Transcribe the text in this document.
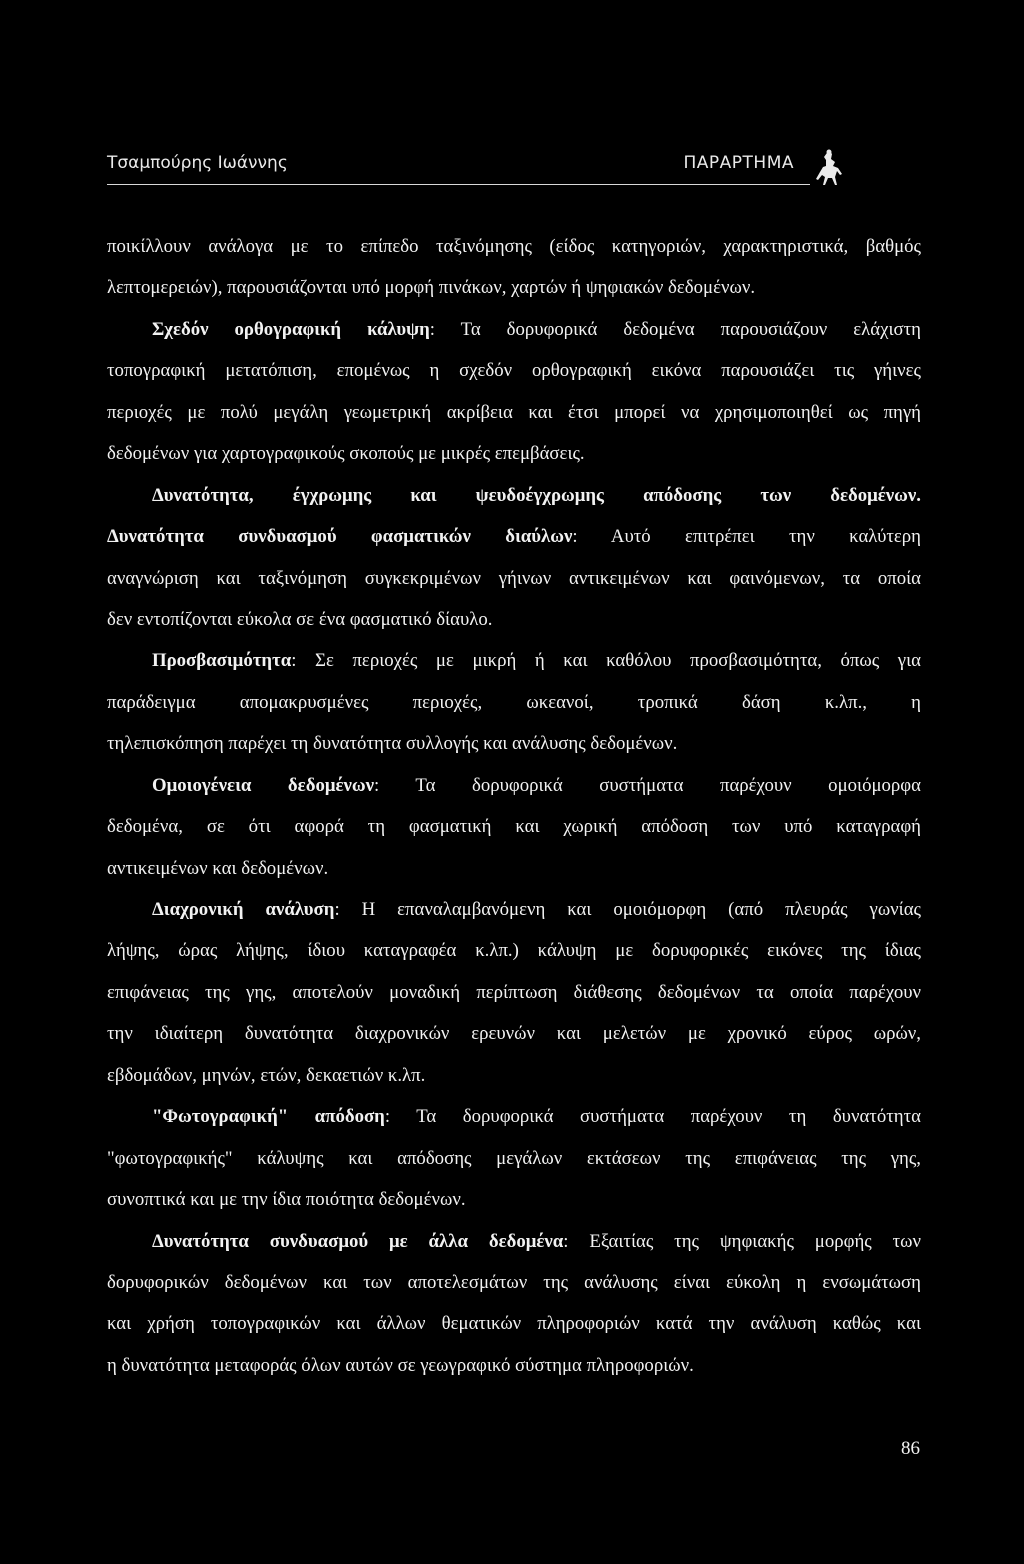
Τσαμπούρης Ιωάννης	ΠΑΡΑΡΤΗΜΑ
ποικίλλουν ανάλογα με το επίπεδο ταξινόμησης (είδος κατηγοριών, χαρακτηριστικά, βαθμός
λεπτομερειών), παρουσιάζονται υπό μορφή πινάκων, χαρτών ή ψηφιακών δεδομένων.
Σχεδόν ορθογραφική κάλυψη: Τα δορυφορικά δεδομένα παρουσιάζουν ελάχιστη
τοπογραφική μετατόπιση, επομένως η σχεδόν ορθογραφική εικόνα παρουσιάζει τις γήινες
περιοχές με πολύ μεγάλη γεωμετρική ακρίβεια και έτσι μπορεί να χρησιμοποιηθεί ως πηγή
δεδομένων για χαρτογραφικούς σκοπούς με μικρές επεμβάσεις.
Δυνατότητα, έγχρωμης και ψευδοέγχρωμης απόδοσης των δεδομένων.
Δυνατότητα συνδυασμού φασματικών διαύλων: Αυτό επιτρέπει την καλύτερη
αναγνώριση και ταξινόμηση συγκεκριμένων γήινων αντικειμένων και φαινόμενων, τα οποία
δεν εντοπίζονται εύκολα σε ένα φασματικό δίαυλο.
Προσβασιμότητα: Σε περιοχές με μικρή ή και καθόλου προσβασιμότητα, όπως για
παράδειγμα απομακρυσμένες περιοχές, ωκεανοί, τροπικά δάση κ.λπ., η
τηλεπισκόπηση παρέχει τη δυνατότητα συλλογής και ανάλυσης δεδομένων.
Ομοιογένεια δεδομένων: Τα δορυφορικά συστήματα παρέχουν ομοιόμορφα
δεδομένα, σε ότι αφορά τη φασματική και χωρική απόδοση των υπό καταγραφή
αντικειμένων και δεδομένων.
Διαχρονική ανάλυση: Η επαναλαμβανόμενη και ομοιόμορφη (από πλευράς γωνίας
λήψης, ώρας λήψης, ίδιου καταγραφέα κ.λπ.) κάλυψη με δορυφορικές εικόνες της ίδιας
επιφάνειας της γης, αποτελούν μοναδική περίπτωση διάθεσης δεδομένων τα οποία παρέχουν
την ιδιαίτερη δυνατότητα διαχρονικών ερευνών και μελετών με χρονικό εύρος ωρών,
εβδομάδων, μηνών, ετών, δεκαετιών κ.λπ.
"Φωτογραφική" απόδοση: Τα δορυφορικά συστήματα παρέχουν τη δυνατότητα
"φωτογραφικής" κάλυψης και απόδοσης μεγάλων εκτάσεων της επιφάνειας της γης,
συνοπτικά και με την ίδια ποιότητα δεδομένων.
Δυνατότητα συνδυασμού με άλλα δεδομένα: Εξαιτίας της ψηφιακής μορφής των
δορυφορικών δεδομένων και των αποτελεσμάτων της ανάλυσης είναι εύκολη η ενσωμάτωση
και χρήση τοπογραφικών και άλλων θεματικών πληροφοριών κατά την ανάλυση καθώς και
η δυνατότητα μεταφοράς όλων αυτών σε γεωγραφικό σύστημα πληροφοριών.
86
